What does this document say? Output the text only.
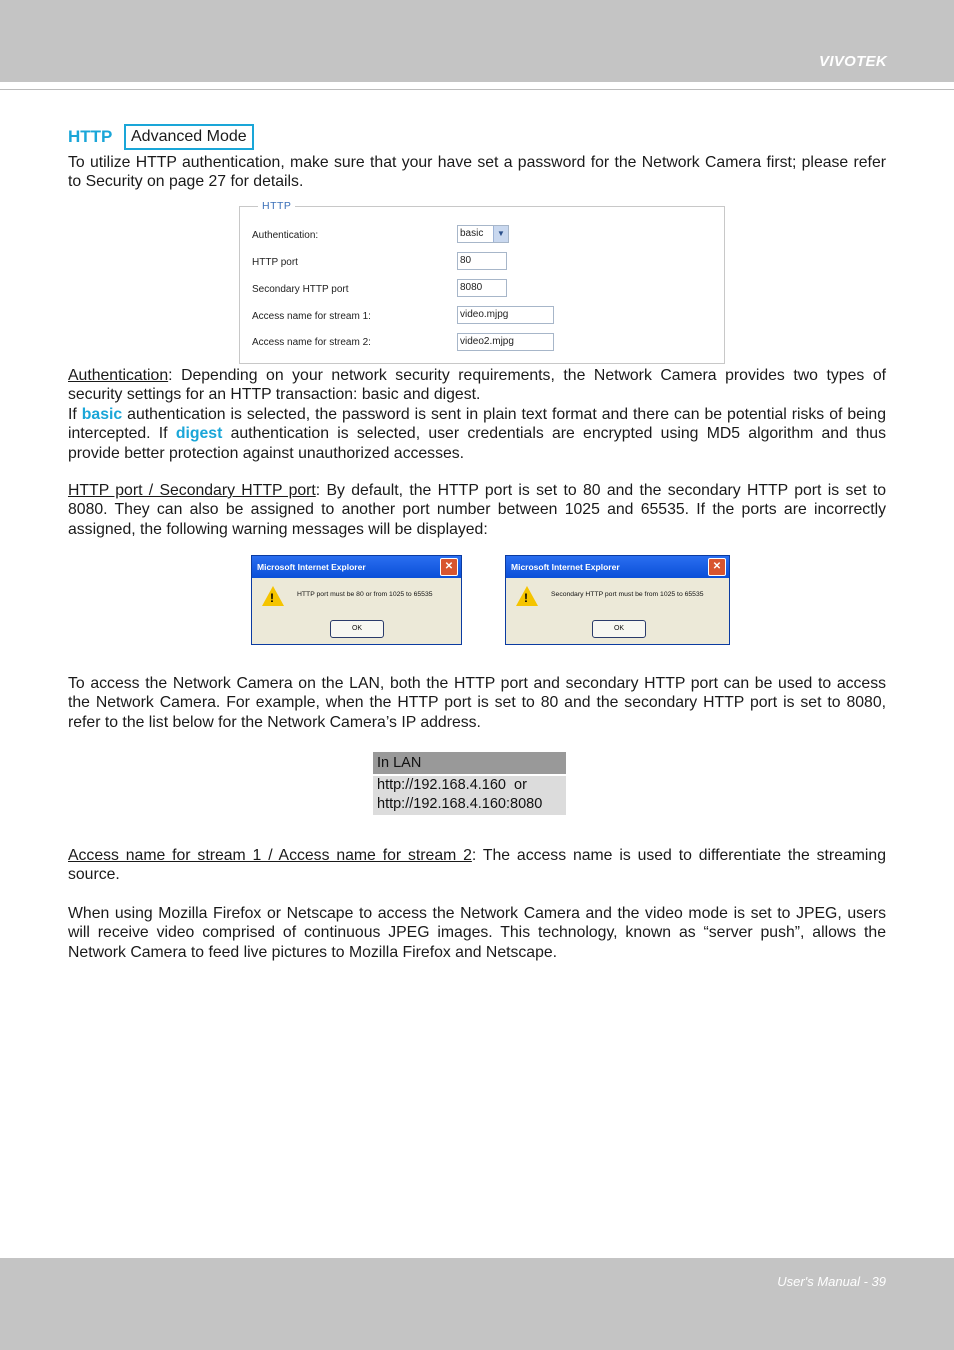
VIVOTEK
HTTP	Advanced Mode
To utilize HTTP authentication, make sure that your have set a password for the Network Camera first; please refer to Security on page 27 for details.
HTTP
Authentication:	basic	▼
HTTP port	80
Secondary HTTP port	8080
Access name for stream 1:	video.mjpg
Access name for stream 2:	video2.mjpg
Authentication: Depending on your network security requirements, the Network Camera provides two types of security settings for an HTTP transaction: basic and digest.
If basic authentication is selected, the password is sent in plain text format and there can be potential risks of being intercepted. If digest authentication is selected, user credentials are encrypted using MD5 algorithm and thus provide better protection against unauthorized accesses.
HTTP port / Secondary HTTP port: By default, the HTTP port is set to 80 and the secondary HTTP port is set to 8080. They can also be assigned to another port number between 1025 and 65535. If the ports are incorrectly assigned, the following warning messages will be displayed:
Microsoft Internet Explorer	✕
!	HTTP port must be 80 or from 1025 to 65535
OK
Microsoft Internet Explorer	✕
!	Secondary HTTP port must be from 1025 to 65535
OK
To access the Network Camera on the LAN, both the HTTP port and secondary HTTP port can be used to access the Network Camera. For example, when the HTTP port is set to 80 and the secondary HTTP port is set to 8080, refer to the list below for the Network Camera’s IP address.
In LAN
http://192.168.4.160  or
http://192.168.4.160:8080
Access name for stream 1 / Access name for stream 2: The access name is used to differentiate the streaming source.
When using Mozilla Firefox or Netscape to access the Network Camera and the video mode is set to JPEG, users will receive video comprised of continuous JPEG images. This technology, known as “server push”, allows the Network Camera to feed live pictures to Mozilla Firefox and Netscape.
User's Manual - 39
